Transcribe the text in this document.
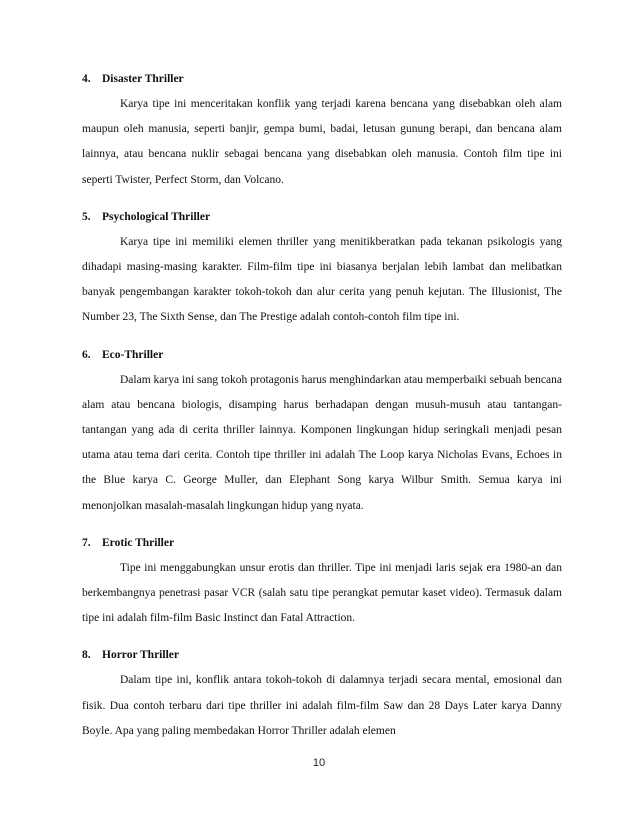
4. Disaster Thriller

Karya tipe ini menceritakan konflik yang terjadi karena bencana yang disebabkan oleh alam maupun oleh manusia, seperti banjir, gempa bumi, badai, letusan gunung berapi, dan bencana alam lainnya, atau bencana nuklir sebagai bencana yang disebabkan oleh manusia. Contoh film tipe ini seperti Twister, Perfect Storm, dan Volcano.

5. Psychological Thriller

Karya tipe ini memiliki elemen thriller yang menitikberatkan pada tekanan psikologis yang dihadapi masing-masing karakter. Film-film tipe ini biasanya berjalan lebih lambat dan melibatkan banyak pengembangan karakter tokoh-tokoh dan alur cerita yang penuh kejutan. The Illusionist, The Number 23, The Sixth Sense, dan The Prestige adalah contoh-contoh film tipe ini.

6. Eco-Thriller

Dalam karya ini sang tokoh protagonis harus menghindarkan atau memperbaiki sebuah bencana alam atau bencana biologis, disamping harus berhadapan dengan musuh-musuh atau tantangan-tantangan yang ada di cerita thriller lainnya. Komponen lingkungan hidup seringkali menjadi pesan utama atau tema dari cerita. Contoh tipe thriller ini adalah The Loop karya Nicholas Evans, Echoes in the Blue karya C. George Muller, dan Elephant Song karya Wilbur Smith. Semua karya ini menonjolkan masalah-masalah lingkungan hidup yang nyata.

7. Erotic Thriller

Tipe ini menggabungkan unsur erotis dan thriller. Tipe ini menjadi laris sejak era 1980-an dan berkembangnya penetrasi pasar VCR (salah satu tipe perangkat pemutar kaset video). Termasuk dalam tipe ini adalah film-film Basic Instinct dan Fatal Attraction.

8. Horror Thriller

Dalam tipe ini, konflik antara tokoh-tokoh di dalamnya terjadi secara mental, emosional dan fisik. Dua contoh terbaru dari tipe thriller ini adalah film-film Saw dan 28 Days Later karya Danny Boyle. Apa yang paling membedakan Horror Thriller adalah elemen

10
